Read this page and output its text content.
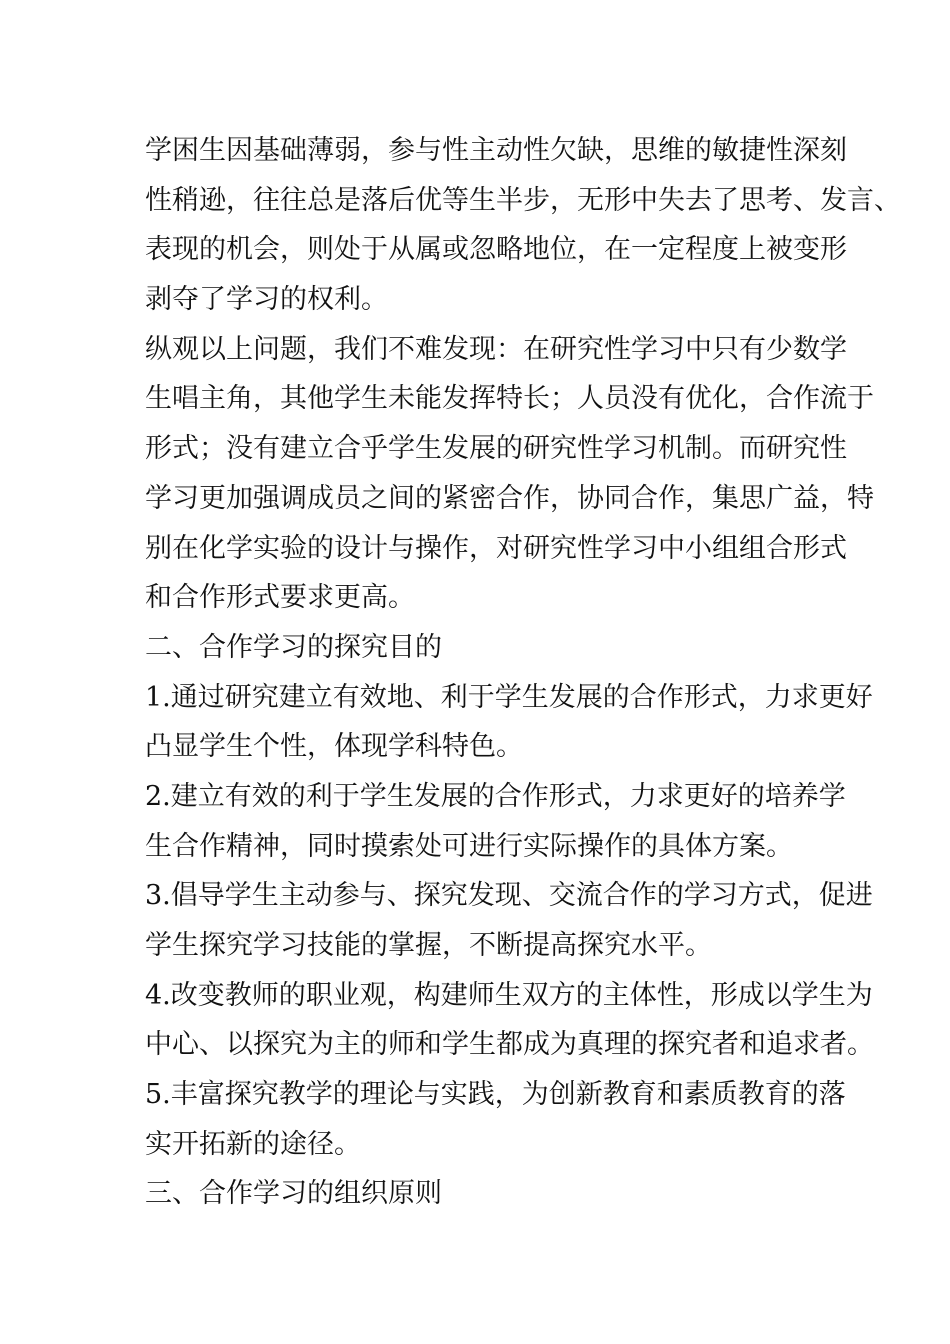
学困生因基础薄弱，参与性主动性欠缺，思维的敏捷性深刻
性稍逊，往往总是落后优等生半步，无形中失去了思考、发言、
表现的机会，则处于从属或忽略地位，在一定程度上被变形
剥夺了学习的权利。
纵观以上问题，我们不难发现：在研究性学习中只有少数学
生唱主角，其他学生未能发挥特长；人员没有优化，合作流于
形式；没有建立合乎学生发展的研究性学习机制。而研究性
学习更加强调成员之间的紧密合作，协同合作，集思广益，特
别在化学实验的设计与操作，对研究性学习中小组组合形式
和合作形式要求更高。
二、合作学习的探究目的
1.通过研究建立有效地、利于学生发展的合作形式，力求更好
凸显学生个性，体现学科特色。
2.建立有效的利于学生发展的合作形式，力求更好的培养学
生合作精神，同时摸索处可进行实际操作的具体方案。
3.倡导学生主动参与、探究发现、交流合作的学习方式，促进
学生探究学习技能的掌握，不断提高探究水平。
4.改变教师的职业观，构建师生双方的主体性，形成以学生为
中心、以探究为主的师和学生都成为真理的探究者和追求者。
5.丰富探究教学的理论与实践，为创新教育和素质教育的落
实开拓新的途径。
三、合作学习的组织原则
